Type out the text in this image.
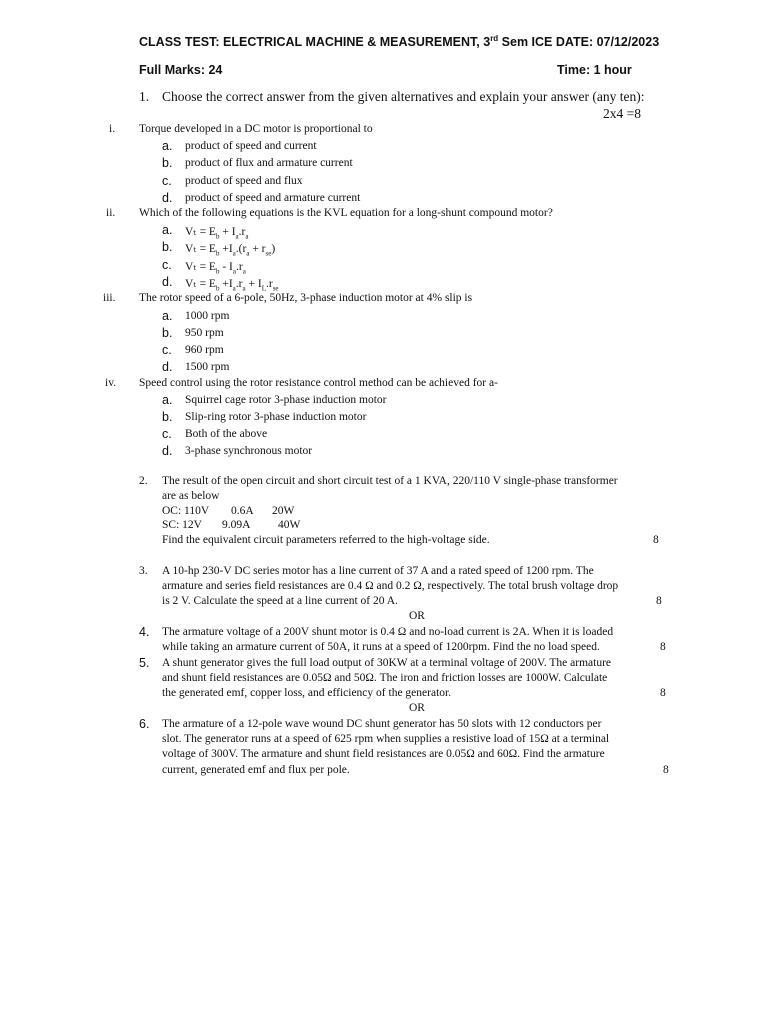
CLASS TEST: ELECTRICAL MACHINE & MEASUREMENT, 3rd Sem ICE DATE: 07/12/2023
Full Marks: 24	Time: 1 hour
1. Choose the correct answer from the given alternatives and explain your answer (any ten):
2x4 =8
i. Torque developed in a DC motor is proportional to
a. product of speed and current
b. product of flux and armature current
c. product of speed and flux
d. product of speed and armature current
ii. Which of the following equations is the KVL equation for a long-shunt compound motor?
a. $V_t = E_b + I_a.r_a$
b. $V_t = E_b +I_a.(r_a + r_{se})$
c. $V_t = E_b - I_a.r_a$
d. $V_t = E_b +I_a.r_a + I_L.r_{se}$
iii. The rotor speed of a 6-pole, 50Hz, 3-phase induction motor at 4% slip is
a. 1000 rpm
b. 950 rpm
c. 960 rpm
d. 1500 rpm
iv. Speed control using the rotor resistance control method can be achieved for a-
a. Squirrel cage rotor 3-phase induction motor
b. Slip-ring rotor 3-phase induction motor
c. Both of the above
d. 3-phase synchronous motor
2. The result of the open circuit and short circuit test of a 1 KVA, 220/110 V single-phase transformer
are as below
OC: 110V 0.6A 20W
SC: 12V 9.09A 40W
Find the equivalent circuit parameters referred to the high-voltage side.	8
3. A 10-hp 230-V DC series motor has a line current of 37 A and a rated speed of 1200 rpm. The
armature and series field resistances are 0.4 Ω and 0.2 Ω, respectively. The total brush voltage drop
is 2 V. Calculate the speed at a line current of 20 A.	8
OR
4. The armature voltage of a 200V shunt motor is 0.4 Ω and no-load current is 2A. When it is loaded
while taking an armature current of 50A, it runs at a speed of 1200rpm. Find the no load speed.	8
5. A shunt generator gives the full load output of 30KW at a terminal voltage of 200V. The armature
and shunt field resistances are 0.05Ω and 50Ω. The iron and friction losses are 1000W. Calculate
the generated emf, copper loss, and efficiency of the generator.	8
OR
6. The armature of a 12-pole wave wound DC shunt generator has 50 slots with 12 conductors per
slot. The generator runs at a speed of 625 rpm when supplies a resistive load of 15Ω at a terminal
voltage of 300V. The armature and shunt field resistances are 0.05Ω and 60Ω. Find the armature
current, generated emf and flux per pole.	8
